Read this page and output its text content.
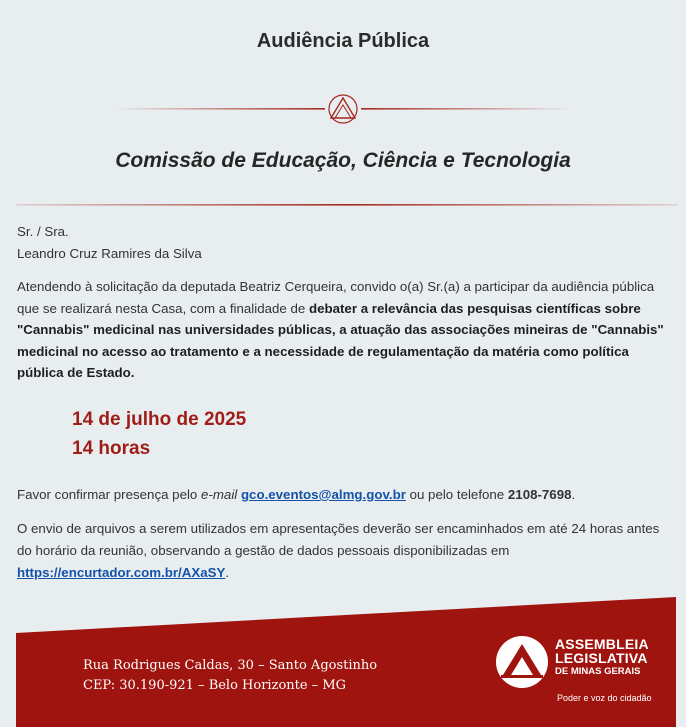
Audiência Pública
Comissão de Educação, Ciência e Tecnologia
Sr. / Sra.
Leandro Cruz Ramires da Silva
Atendendo à solicitação da deputada Beatriz Cerqueira, convido o(a) Sr.(a) a participar da audiência pública que se realizará nesta Casa, com a finalidade de debater a relevância das pesquisas científicas sobre "Cannabis" medicinal nas universidades públicas, a atuação das associações mineiras de "Cannabis" medicinal no acesso ao tratamento e a necessidade de regulamentação da matéria como política pública de Estado.
14 de julho de 2025
14 horas
Favor confirmar presença pelo e-mail gco.eventos@almg.gov.br ou pelo telefone 2108-7698.
O envio de arquivos a serem utilizados em apresentações deverão ser encaminhados em até 24 horas antes do horário da reunião, observando a gestão de dados pessoais disponibilizadas em https://encurtador.com.br/AXaSY.
Rua Rodrigues Caldas, 30 – Santo Agostinho
CEP: 30.190-921 – Belo Horizonte – MG
ASSEMBLEIA
LEGISLATIVA
DE MINAS GERAIS
Poder e voz do cidadão
